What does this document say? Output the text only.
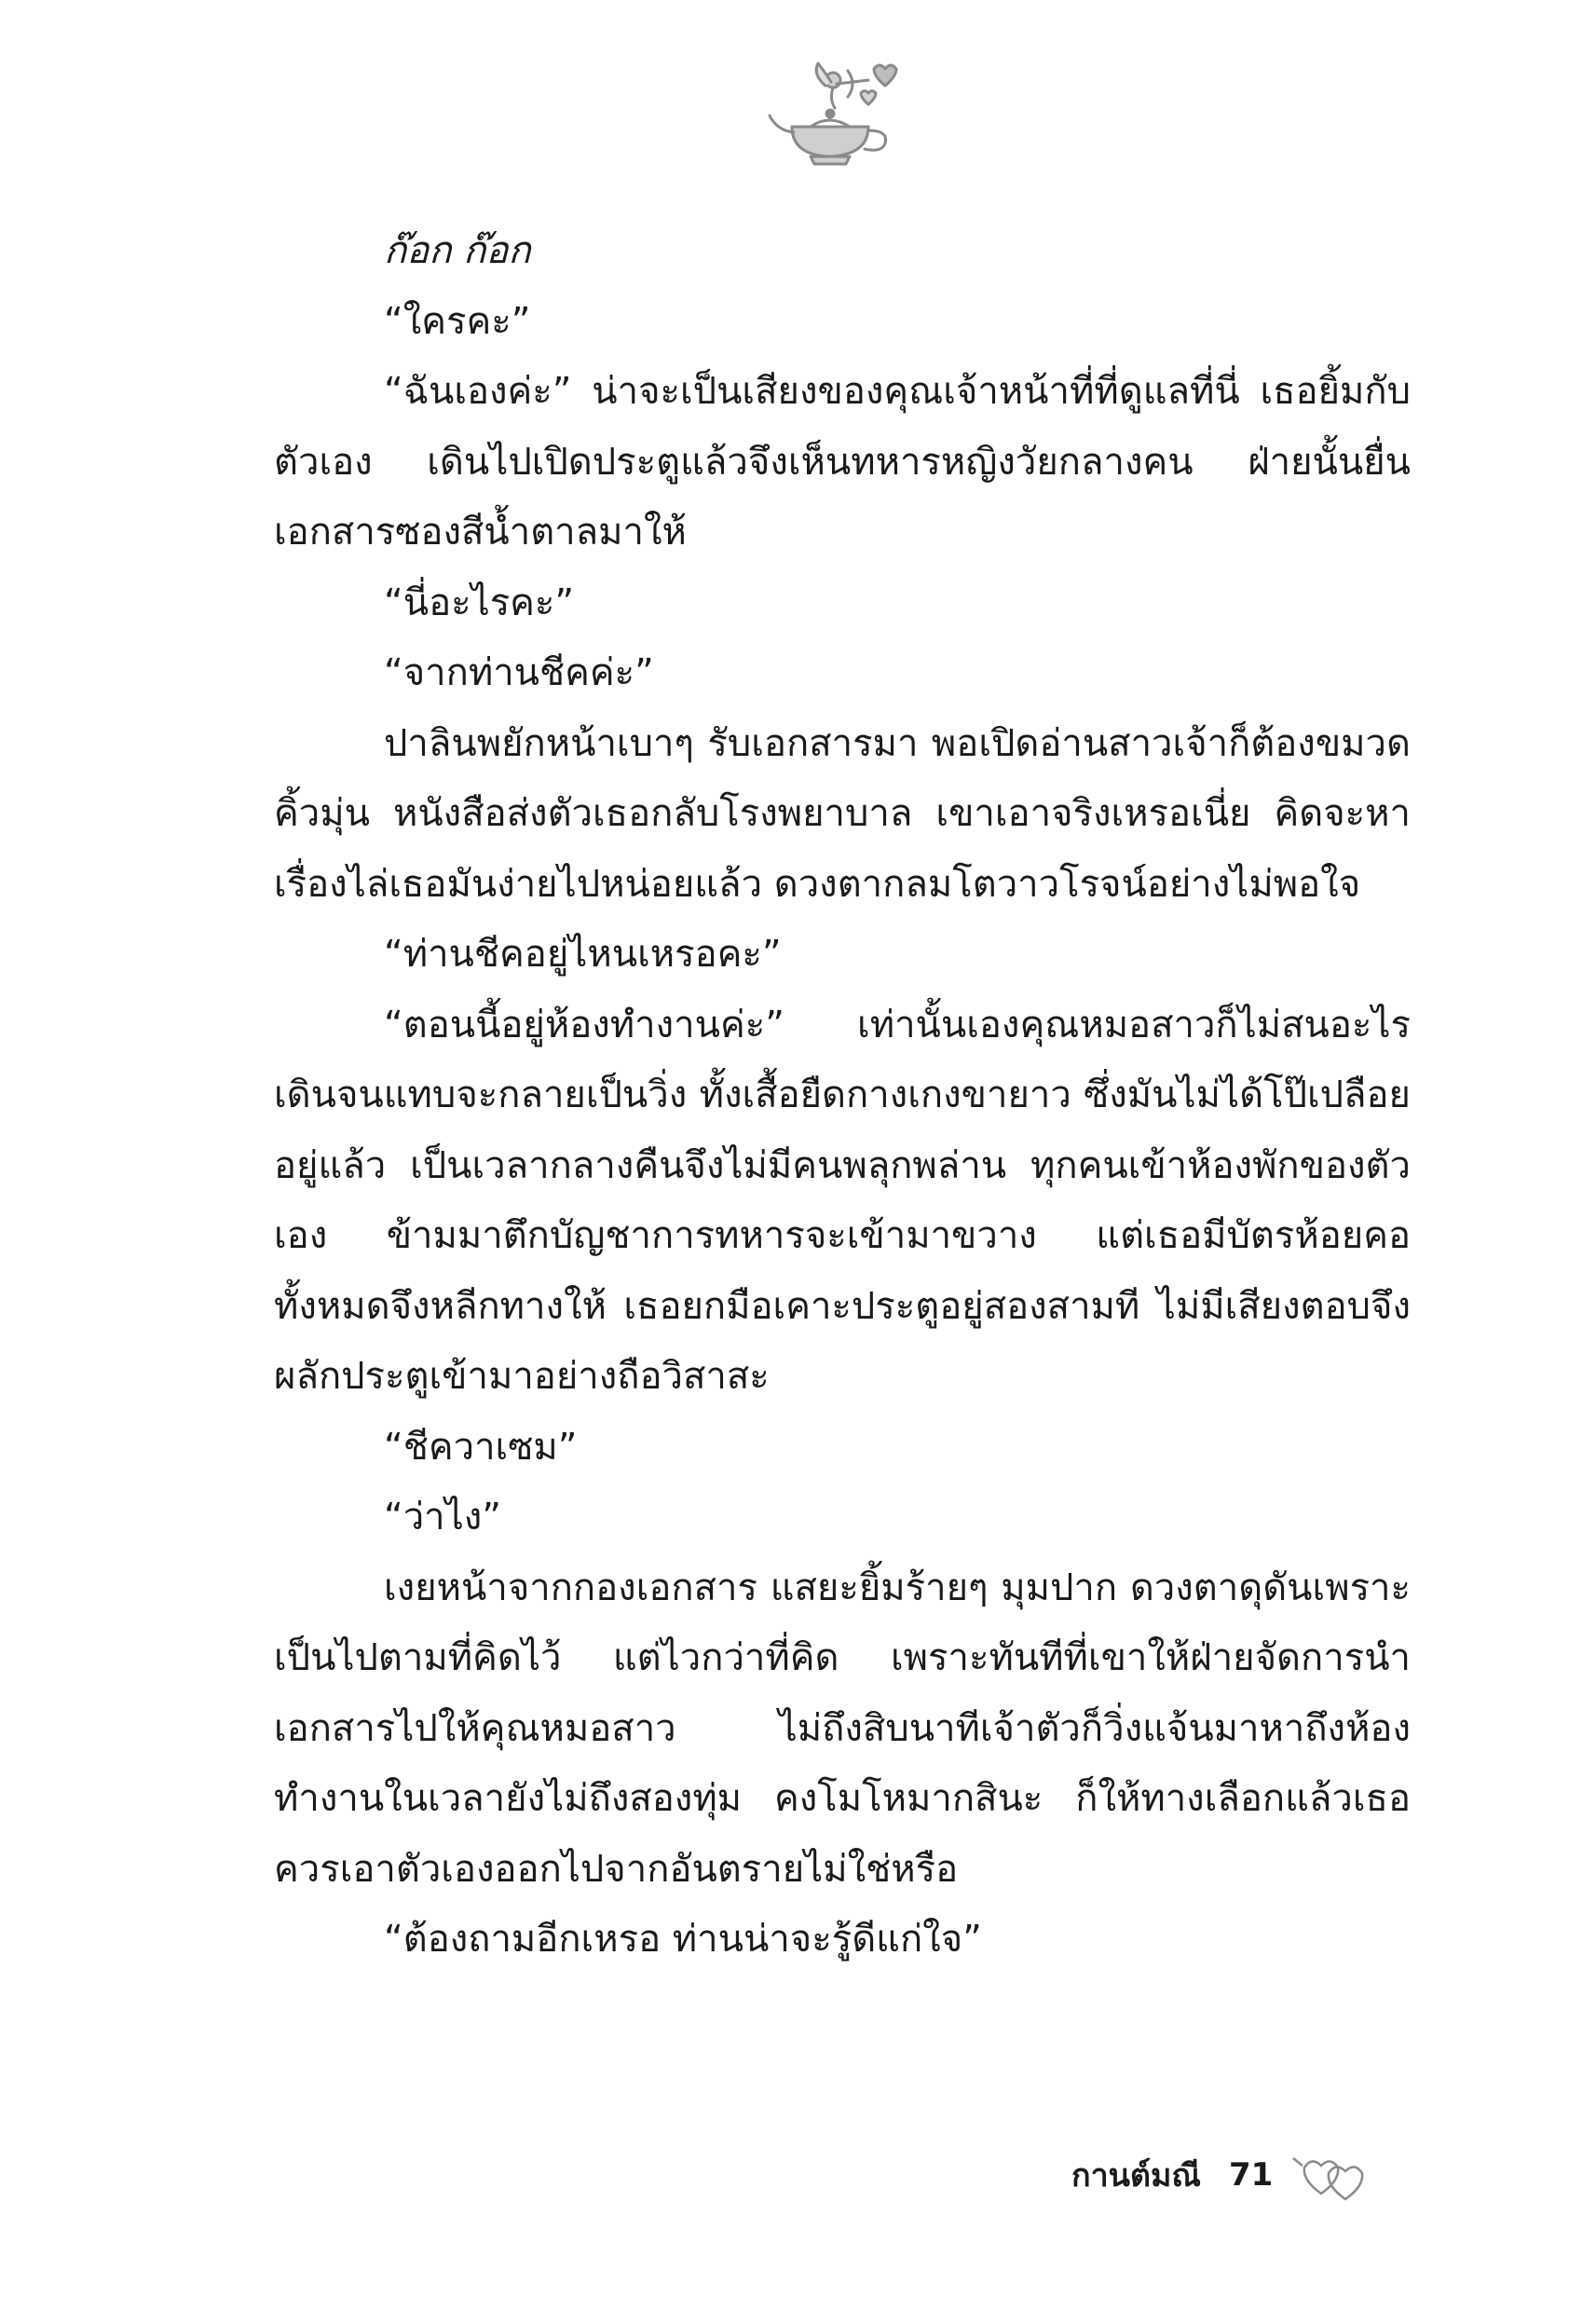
ก๊อก ก๊อก

“ใครคะ”

“ฉันเองค่ะ” น่าจะเป็นเสียงของคุณเจ้าหน้าที่ที่ดูแลที่นี่ เธอยิ้มกับตัวเอง เดินไปเปิดประตูแล้วจึงเห็นทหารหญิงวัยกลางคน ฝ่ายนั้นยื่นเอกสารซองสีน้ำตาลมาให้

“นี่อะไรคะ”

“จากท่านชีคค่ะ”

ปาลินพยักหน้าเบาๆ รับเอกสารมา พอเปิดอ่านสาวเจ้าก็ต้องขมวดคิ้วมุ่น หนังสือส่งตัวเธอกลับโรงพยาบาล เขาเอาจริงเหรอเนี่ย คิดจะหาเรื่องไล่เธอมันง่ายไปหน่อยแล้ว ดวงตากลมโตวาวโรจน์อย่างไม่พอใจ

“ท่านชีคอยู่ไหนเหรอคะ”

“ตอนนี้อยู่ห้องทำงานค่ะ” เท่านั้นเองคุณหมอสาวก็ไม่สนอะไร เดินจนแทบจะกลายเป็นวิ่ง ทั้งเสื้อยืดกางเกงขายาว ซึ่งมันไม่ได้โป๊เปลือยอยู่แล้ว เป็นเวลากลางคืนจึงไม่มีคนพลุกพล่าน ทุกคนเข้าห้องพักของตัวเอง ข้ามมาตึกบัญชาการทหารจะเข้ามาขวาง แต่เธอมีบัตรห้อยคอทั้งหมดจึงหลีกทางให้ เธอยกมือเคาะประตูอยู่สองสามที ไม่มีเสียงตอบจึงผลักประตูเข้ามาอย่างถือวิสาสะ

“ชีควาเซม”

“ว่าไง”

เงยหน้าจากกองเอกสาร แสยะยิ้มร้ายๆ มุมปาก ดวงตาดุดันเพราะเป็นไปตามที่คิดไว้ แต่ไวกว่าที่คิด เพราะทันทีที่เขาให้ฝ่ายจัดการนำเอกสารไปให้คุณหมอสาว ไม่ถึงสิบนาทีเจ้าตัวก็วิ่งแจ้นมาหาถึงห้องทำงานในเวลายังไม่ถึงสองทุ่ม คงโมโหมากสินะ ก็ให้ทางเลือกแล้วเธอควรเอาตัวเองออกไปจากอันตรายไม่ใช่หรือ

“ต้องถามอีกเหรอ ท่านน่าจะรู้ดีแก่ใจ”

กานต์มณี 71
